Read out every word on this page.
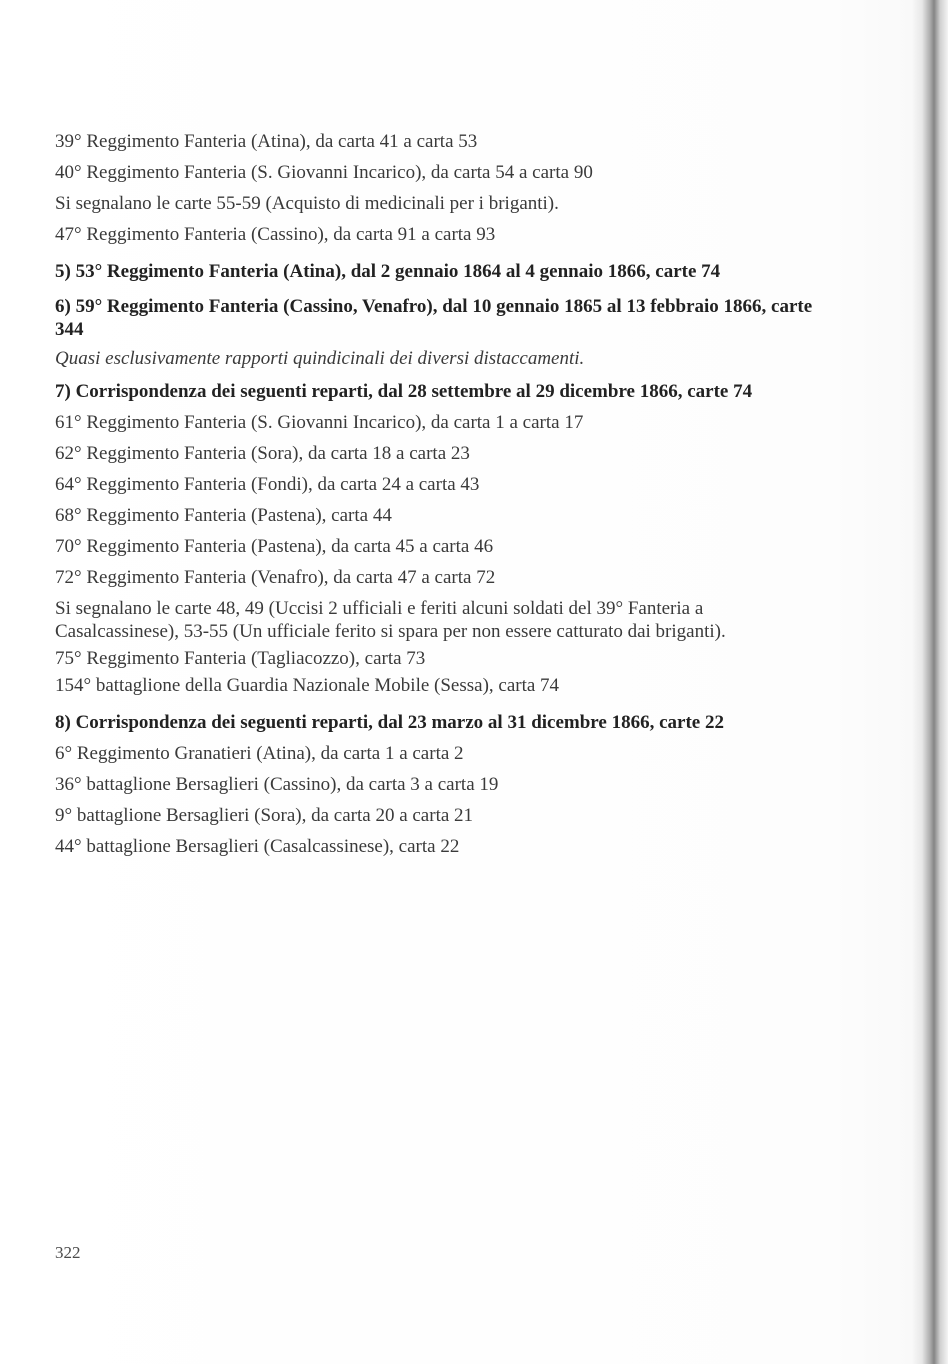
39° Reggimento Fanteria (Atina), da carta 41 a carta 53
40° Reggimento Fanteria (S. Giovanni Incarico), da carta 54 a carta 90
Si segnalano le carte 55-59 (Acquisto di medicinali per i briganti).
47° Reggimento Fanteria (Cassino), da carta 91 a carta 93
5) 53° Reggimento Fanteria (Atina), dal 2 gennaio 1864 al 4 gennaio 1866, carte 74
6) 59° Reggimento Fanteria (Cassino, Venafro), dal 10 gennaio 1865 al 13 febbraio 1866, carte 344
Quasi esclusivamente rapporti quindicinali dei diversi distaccamenti.
7) Corrispondenza dei seguenti reparti, dal 28 settembre al 29 dicembre 1866, carte 74
61° Reggimento Fanteria (S. Giovanni Incarico), da carta 1 a carta 17
62° Reggimento Fanteria (Sora), da carta 18 a carta 23
64° Reggimento Fanteria (Fondi), da carta 24 a carta 43
68° Reggimento Fanteria (Pastena), carta 44
70° Reggimento Fanteria (Pastena), da carta 45 a carta 46
72° Reggimento Fanteria (Venafro), da carta 47 a carta 72
Si segnalano le carte 48, 49 (Uccisi 2 ufficiali e feriti alcuni soldati del 39° Fanteria a Casalcassinese), 53-55 (Un ufficiale ferito si spara per non essere catturato dai briganti).
75° Reggimento Fanteria (Tagliacozzo), carta 73
154° battaglione della Guardia Nazionale Mobile (Sessa), carta 74
8) Corrispondenza dei seguenti reparti, dal 23 marzo al 31 dicembre 1866, carte 22
6° Reggimento Granatieri (Atina), da carta 1 a carta 2
36° battaglione Bersaglieri (Cassino), da carta 3 a carta 19
9° battaglione Bersaglieri (Sora), da carta 20 a carta 21
44° battaglione Bersaglieri (Casalcassinese), carta 22
322
